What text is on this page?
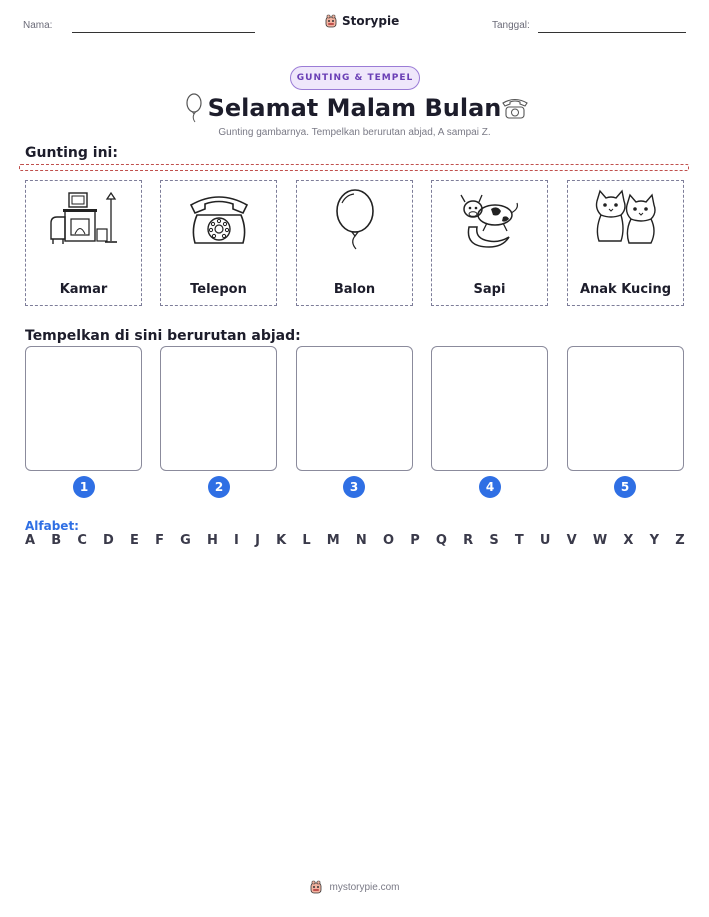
Nama:	Storypie	Tanggal:
GUNTING & TEMPEL
Selamat Malam Bulan
Gunting gambarnya. Tempelkan berurutan abjad, A sampai Z.
Gunting ini:
Kamar	Telepon	Balon	Sapi	Anak Kucing
Tempelkan di sini berurutan abjad:
1	2	3	4	5
Alfabet:
A B C D E F G H I J K L M N O P Q R S T U V W X Y Z
mystorypie.com
